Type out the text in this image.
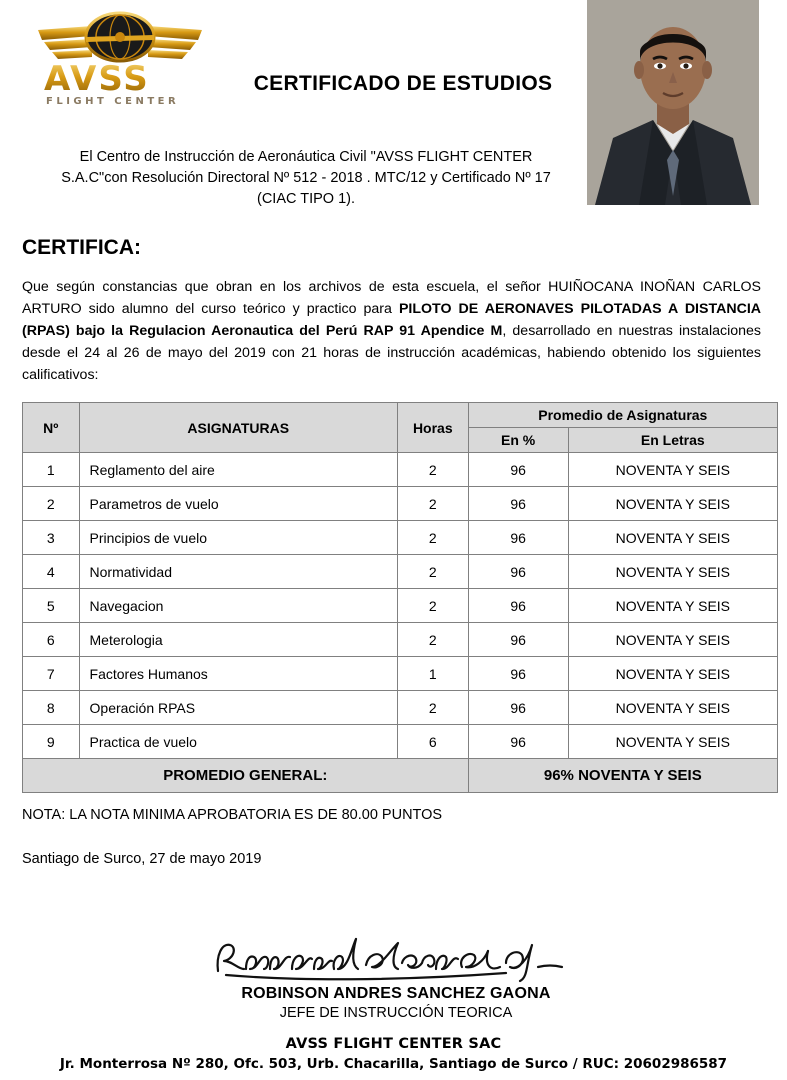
AVSS
FLIGHT CENTER
CERTIFICADO DE ESTUDIOS
El Centro de Instrucción de Aeronáutica Civil "AVSS FLIGHT CENTER
S.A.C"con Resolución Directoral Nº 512 - 2018 . MTC/12 y Certificado Nº 17
(CIAC TIPO 1).
CERTIFICA:
Que según constancias que obran en los archivos de esta escuela, el señor HUIÑOCANA INOÑAN CARLOS ARTURO sido alumno del curso teórico y practico para PILOTO DE AERONAVES PILOTADAS A DISTANCIA (RPAS) bajo la Regulacion Aeronautica del Perú RAP 91 Apendice M, desarrollado en nuestras instalaciones desde el 24 al 26 de mayo del 2019 con 21 horas de instrucción académicas, habiendo obtenido los siguientes calificativos:
Nº	ASIGNATURAS	Horas	Promedio de Asignaturas	
			En %	En Letras
1	Reglamento del aire	2	96	NOVENTA Y SEIS
2	Parametros de vuelo	2	96	NOVENTA Y SEIS
3	Principios de vuelo	2	96	NOVENTA Y SEIS
4	Normatividad	2	96	NOVENTA Y SEIS
5	Navegacion	2	96	NOVENTA Y SEIS
6	Meterologia	2	96	NOVENTA Y SEIS
7	Factores Humanos	1	96	NOVENTA Y SEIS
8	Operación RPAS	2	96	NOVENTA Y SEIS
9	Practica de vuelo	6	96	NOVENTA Y SEIS
PROMEDIO GENERAL:			96% NOVENTA Y SEIS	
NOTA: LA NOTA MINIMA APROBATORIA ES DE 80.00 PUNTOS
Santiago de Surco, 27 de mayo 2019
ROBINSON ANDRES SANCHEZ GAONA
JEFE DE INSTRUCCIÓN TEORICA
AVSS FLIGHT CENTER SAC
Jr. Monterrosa Nº 280, Ofc. 503, Urb. Chacarilla, Santiago de Surco / RUC: 20602986587
